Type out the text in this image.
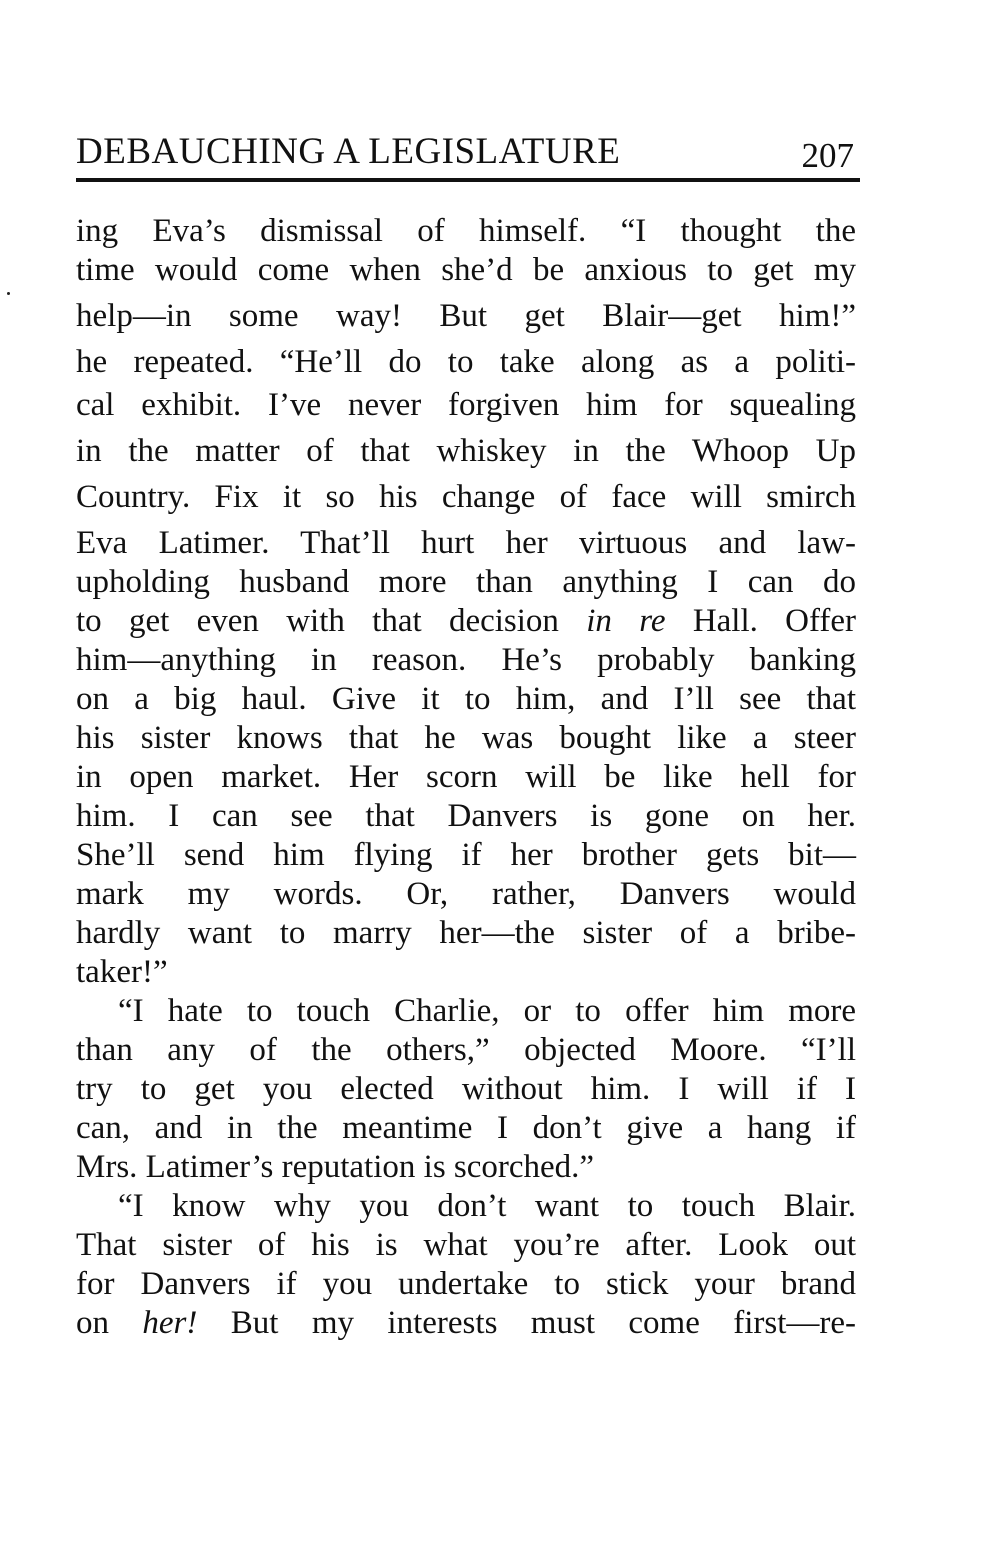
DEBAUCHING A LEGISLATURE	207
ing Eva’s dismissal of himself. “I thought the
time would come when she’d be anxious to get my
help—in some way! But get Blair—get him!”
he repeated. “He’ll do to take along as a politi-
cal exhibit. I’ve never forgiven him for squealing
in the matter of that whiskey in the Whoop Up
Country. Fix it so his change of face will smirch
Eva Latimer. That’ll hurt her virtuous and law-
upholding husband more than anything I can do
to get even with that decision in re Hall. Offer
him—anything in reason. He’s probably banking
on a big haul. Give it to him, and I’ll see that
his sister knows that he was bought like a steer
in open market. Her scorn will be like hell for
him. I can see that Danvers is gone on her.
She’ll send him flying if her brother gets bit—
mark my words. Or, rather, Danvers would
hardly want to marry her—the sister of a bribe-
taker!”
“I hate to touch Charlie, or to offer him more
than any of the others,” objected Moore. “I’ll
try to get you elected without him. I will if I
can, and in the meantime I don’t give a hang if
Mrs. Latimer’s reputation is scorched.”
“I know why you don’t want to touch Blair.
That sister of his is what you’re after. Look out
for Danvers if you undertake to stick your brand
on her! But my interests must come first—re-
